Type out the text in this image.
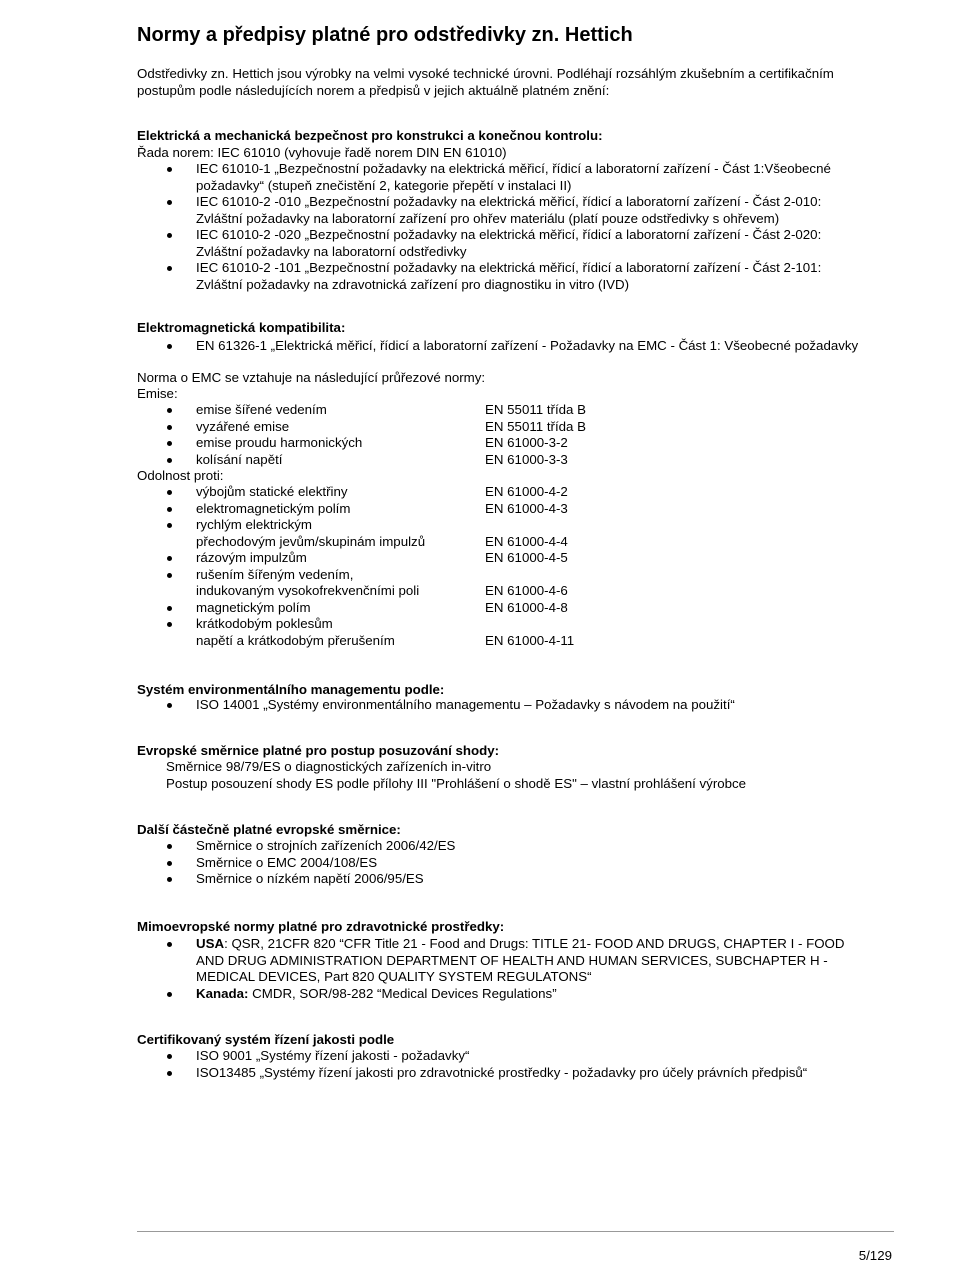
Normy a předpisy platné pro odstředivky zn. Hettich
Odstředivky zn. Hettich jsou výrobky na velmi vysoké technické úrovni. Podléhají rozsáhlým zkušebním a certifikačním
postupům podle následujících norem a předpisů v jejich aktuálně platném znění:
Elektrická a mechanická bezpečnost pro konstrukci a konečnou kontrolu:
Řada norem: IEC 61010 (vyhovuje řadě norem DIN EN 61010)
IEC 61010-1 „Bezpečnostní požadavky na elektrická měřicí, řídicí a laboratorní zařízení - Část 1:Všeobecné
požadavky“ (stupeň znečistění 2, kategorie přepětí v instalaci II)
IEC 61010-2 -010 „Bezpečnostní požadavky na elektrická měřicí, řídicí a laboratorní zařízení - Část 2-010:
Zvláštní požadavky na laboratorní zařízení pro ohřev materiálu (platí pouze odstředivky s ohřevem)
IEC 61010-2 -020 „Bezpečnostní požadavky na elektrická měřicí, řídicí a laboratorní zařízení - Část 2-020:
Zvláštní požadavky na laboratorní odstředivky
IEC 61010-2 -101 „Bezpečnostní požadavky na elektrická měřicí, řídicí a laboratorní zařízení - Část 2-101:
Zvláštní požadavky na zdravotnická zařízení pro diagnostiku in vitro (IVD)
Elektromagnetická kompatibilita:
EN 61326-1 „Elektrická měřicí, řídicí a laboratorní zařízení - Požadavky na EMC - Část 1: Všeobecné požadavky
Norma o EMC se vztahuje na následující průřezové normy:
Emise:
emise šířené vedením	EN 55011 třída B
vyzářené emise	EN 55011 třída B
emise proudu harmonických	EN 61000-3-2
kolísání napětí	EN 61000-3-3
Odolnost proti:
výbojům statické elektřiny	EN 61000-4-2
elektromagnetickým polím	EN 61000-4-3
rychlým elektrickým
přechodovým jevům/skupinám impulzů	EN 61000-4-4
rázovým impulzům	EN 61000-4-5
rušením šířeným vedením,
indukovaným vysokofrekvenčními poli	EN 61000-4-6
magnetickým polím	EN 61000-4-8
krátkodobým poklesům
napětí a krátkodobým přerušením	EN 61000-4-11
Systém environmentálního managementu podle:
ISO 14001 „Systémy environmentálního managementu – Požadavky s návodem na použití“
Evropské směrnice platné pro postup posuzování shody:
Směrnice 98/79/ES o diagnostických zařízeních in-vitro
Postup posouzení shody ES podle přílohy III "Prohlášení o shodě ES" – vlastní prohlášení výrobce
Další částečně platné evropské směrnice:
Směrnice o strojních zařízeních 2006/42/ES
Směrnice o EMC 2004/108/ES
Směrnice o nízkém napětí 2006/95/ES
Mimoevropské normy platné pro zdravotnické prostředky:
USA: QSR, 21CFR 820 “CFR Title 21 - Food and Drugs: TITLE 21- FOOD AND DRUGS, CHAPTER I - FOOD
AND DRUG ADMINISTRATION DEPARTMENT OF HEALTH AND HUMAN SERVICES, SUBCHAPTER H -
MEDICAL DEVICES, Part 820 QUALITY SYSTEM REGULATONS“
Kanada: CMDR, SOR/98-282 “Medical Devices Regulations”
Certifikovaný systém řízení jakosti podle
ISO 9001 „Systémy řízení jakosti - požadavky“
ISO13485 „Systémy řízení jakosti pro zdravotnické prostředky - požadavky pro účely právních předpisů“
5/129
